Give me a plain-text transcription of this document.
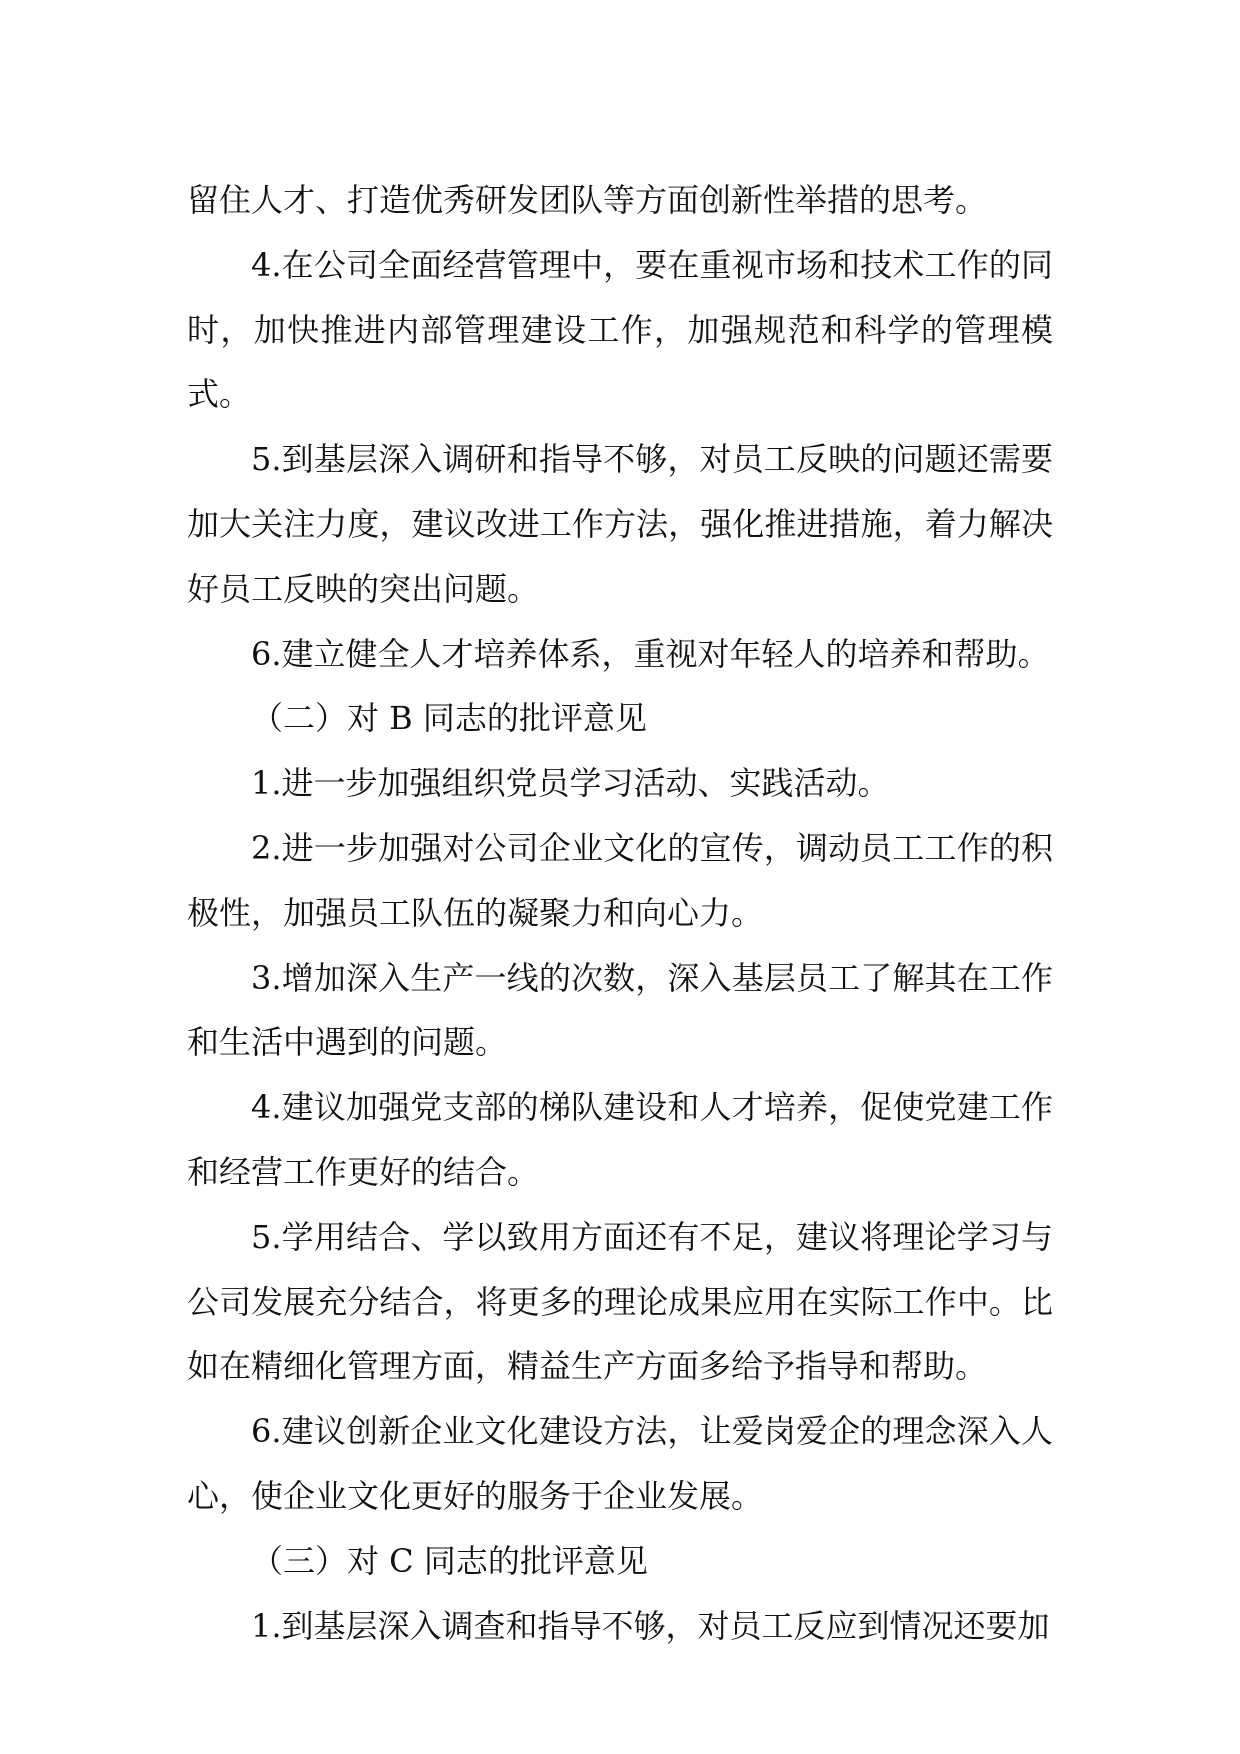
留住人才、打造优秀研发团队等方面创新性举措的思考。

4.在公司全面经营管理中，要在重视市场和技术工作的同时，加快推进内部管理建设工作，加强规范和科学的管理模式。

5.到基层深入调研和指导不够，对员工反映的问题还需要加大关注力度，建议改进工作方法，强化推进措施，着力解决好员工反映的突出问题。

6.建立健全人才培养体系，重视对年轻人的培养和帮助。

（二）对 B 同志的批评意见

1.进一步加强组织党员学习活动、实践活动。

2.进一步加强对公司企业文化的宣传，调动员工工作的积极性，加强员工队伍的凝聚力和向心力。

3.增加深入生产一线的次数，深入基层员工了解其在工作和生活中遇到的问题。

4.建议加强党支部的梯队建设和人才培养，促使党建工作和经营工作更好的结合。

5.学用结合、学以致用方面还有不足，建议将理论学习与公司发展充分结合，将更多的理论成果应用在实际工作中。比如在精细化管理方面，精益生产方面多给予指导和帮助。

6.建议创新企业文化建设方法，让爱岗爱企的理念深入人心，使企业文化更好的服务于企业发展。

（三）对 C 同志的批评意见

1.到基层深入调查和指导不够，对员工反应到情况还要加
